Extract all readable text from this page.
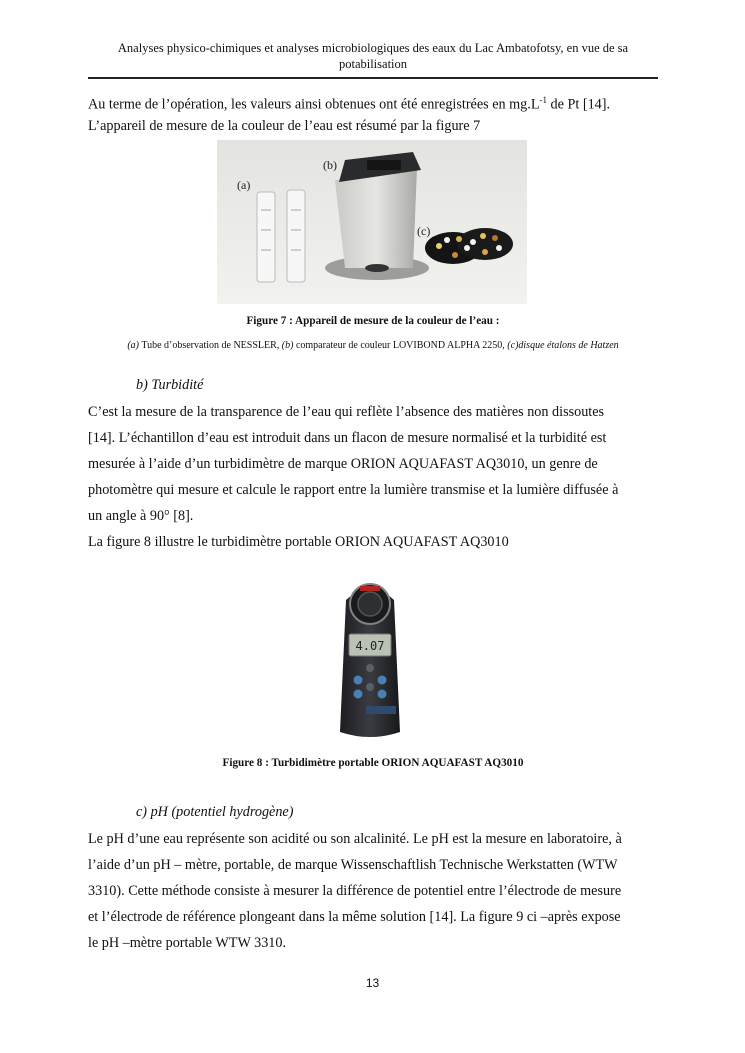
Analyses physico-chimiques et analyses microbiologiques des eaux du Lac Ambatofotsy, en vue de sa
potabilisation
Au terme de l’opération, les valeurs ainsi obtenues ont été enregistrées en $mg.L^{-1}$ de Pt [14].
L’appareil de mesure de la couleur de l’eau est résumé par la figure 7
(a)
(b)
(c)
Figure 7 : Appareil de mesure de la couleur de l’eau :
(a) Tube d’observation de NESSLER, (b) comparateur de couleur LOVIBOND ALPHA 2250, (c)disque étalons de Hatzen
b) Turbidité
C’est la mesure de la transparence de l’eau qui reflète l’absence des matières non dissoutes
[14]. L’échantillon d’eau est introduit dans un flacon de mesure normalisé et la turbidité est
mesurée à l’aide d’un turbidimètre de marque ORION AQUAFAST AQ3010, un genre de
photomètre qui mesure et calcule le rapport entre la lumière transmise et la lumière diffusée à
un angle à 90° [8].
La figure 8 illustre le turbidimètre portable ORION AQUAFAST AQ3010
4.07
Figure 8 : Turbidimètre portable ORION AQUAFAST AQ3010
c) pH (potentiel hydrogène)
Le pH d’une eau représente son acidité ou son alcalinité. Le pH est la mesure en laboratoire, à
l’aide d’un pH – mètre, portable, de marque Wissenschaftlish Technische Werkstatten (WTW
3310). Cette méthode consiste à mesurer la différence de potentiel entre l’électrode de mesure
et l’électrode de référence plongeant dans la même solution [14]. La figure 9 ci –après expose
le pH –mètre portable WTW 3310.
13
